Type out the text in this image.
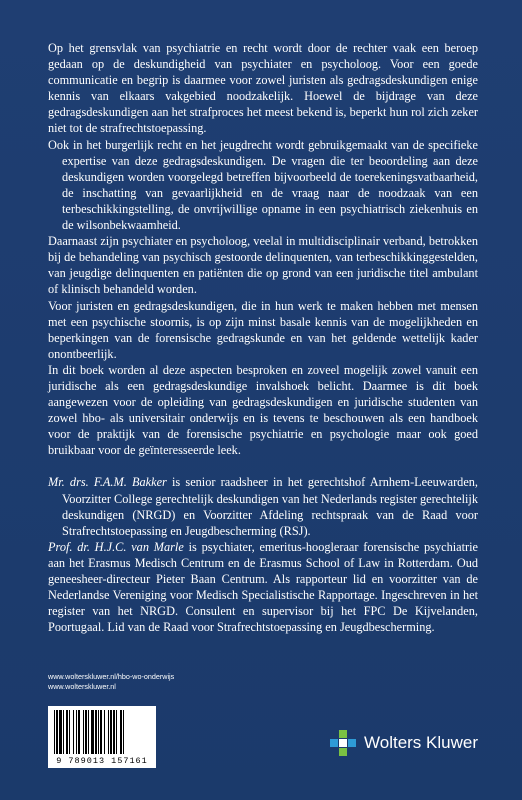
Op het grensvlak van psychiatrie en recht wordt door de rechter vaak een beroep gedaan op de deskundigheid van psychiater en psycholoog. Voor een goede communicatie en begrip is daarmee voor zowel juristen als gedragsdeskundigen enige kennis van elkaars vakgebied noodzakelijk. Hoewel de bijdrage van deze gedragsdeskundigen aan het strafproces het meest bekend is, beperkt hun rol zich zeker niet tot de strafrechtstoepassing.

Ook in het burgerlijk recht en het jeugdrecht wordt gebruikgemaakt van de specifieke expertise van deze gedragsdeskundigen. De vragen die ter beoordeling aan deze deskundigen worden voorgelegd betreffen bijvoorbeeld de toerekeningsvatbaarheid, de inschatting van gevaarlijkheid en de vraag naar de noodzaak van een terbeschikkingstelling, de onvrijwillige opname in een psychiatrisch ziekenhuis en de wilsonbekwaamheid.

Daarnaast zijn psychiater en psycholoog, veelal in multidisciplinair verband, betrokken bij de behandeling van psychisch gestoorde delinquenten, van terbeschikkinggestelden, van jeugdige delinquenten en patiënten die op grond van een juridische titel ambulant of klinisch behandeld worden.

Voor juristen en gedragsdeskundigen, die in hun werk te maken hebben met mensen met een psychische stoornis, is op zijn minst basale kennis van de mogelijkheden en beperkingen van de forensische gedragskunde en van het geldende wettelijk kader onontbeerlijk.

In dit boek worden al deze aspecten besproken en zoveel mogelijk zowel vanuit een juridische als een gedragsdeskundige invalshoek belicht. Daarmee is dit boek aangewezen voor de opleiding van gedragsdeskundigen en juridische studenten van zowel hbo- als universitair onderwijs en is tevens te beschouwen als een handboek voor de praktijk van de forensische psychiatrie en psychologie maar ook goed bruikbaar voor de geïnteresseerde leek.

Mr. drs. F.A.M. Bakker is senior raadsheer in het gerechtshof Arnhem-Leeuwarden, Voorzitter College gerechtelijk deskundigen van het Nederlands register gerechtelijk deskundigen (NRGD) en Voorzitter Afdeling rechtspraak van de Raad voor Strafrechtstoepassing en Jeugdbescherming (RSJ).

Prof. dr. H.J.C. van Marle is psychiater, emeritus-hoogleraar forensische psychiatrie aan het Erasmus Medisch Centrum en de Erasmus School of Law in Rotterdam. Oud geneesheer-directeur Pieter Baan Centrum. Als rapporteur lid en voorzitter van de Nederlandse Vereniging voor Medisch Specialistische Rapportage. Ingeschreven in het register van het NRGD. Consulent en supervisor bij het FPC De Kijvelanden, Poortugaal. Lid van de Raad voor Strafrechtstoepassing en Jeugdbescherming.

www.wolterskluwer.nl/hbo-wo-onderwijs
www.wolterskluwer.nl
9 789013 157161
Wolters Kluwer
